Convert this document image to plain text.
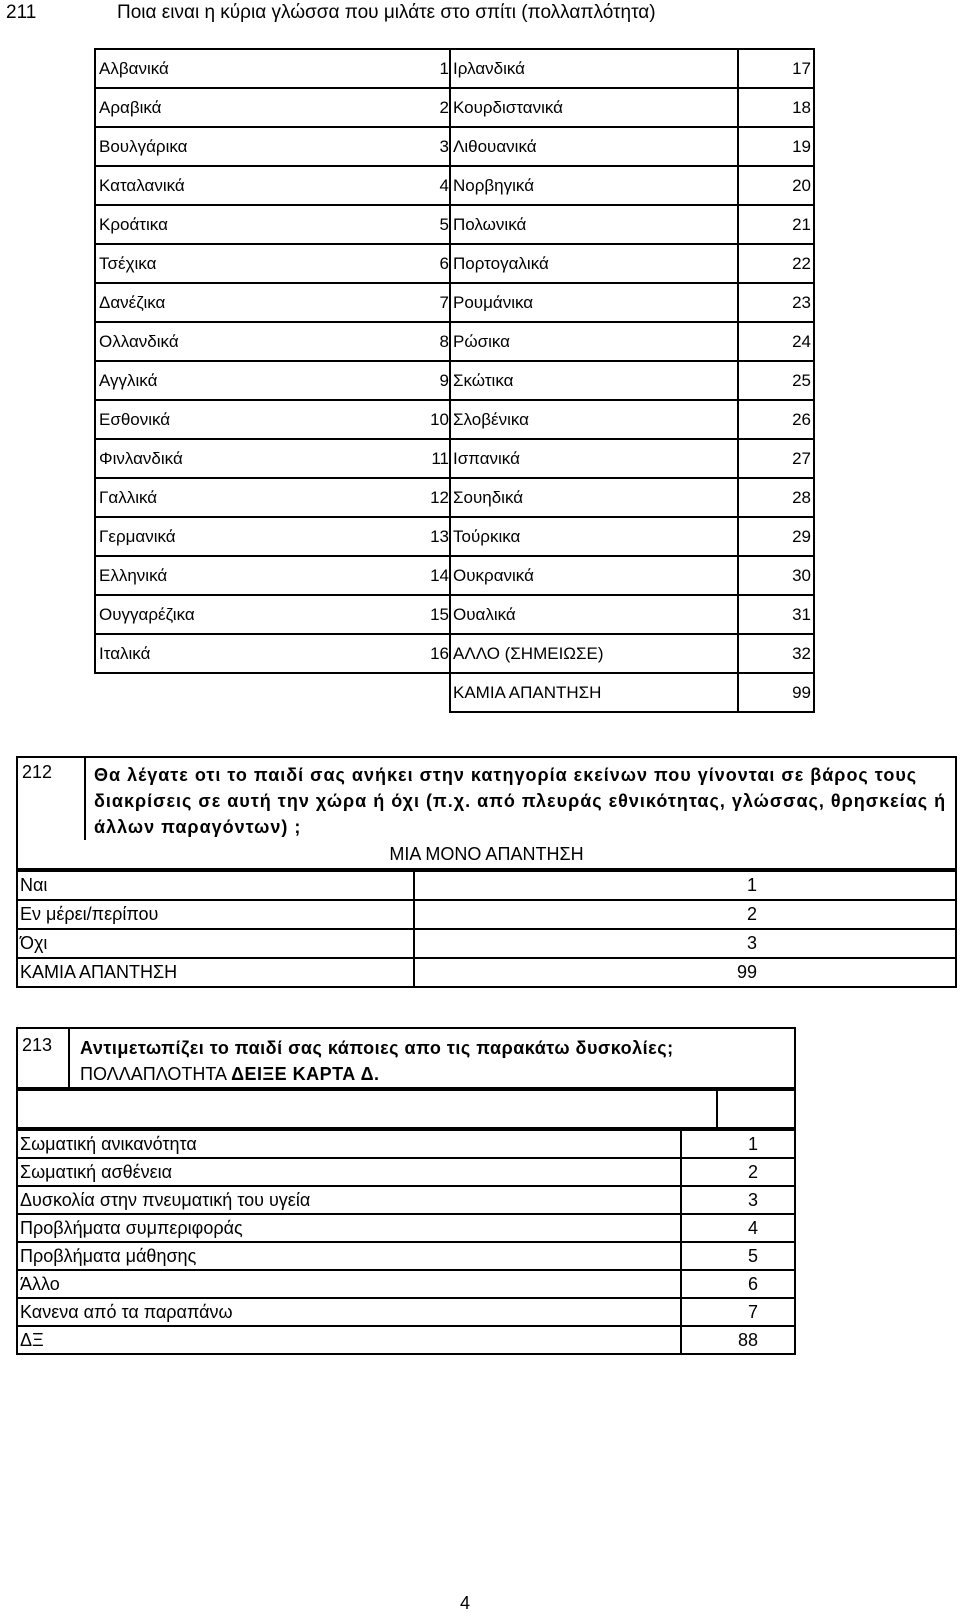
211	Ποια ειναι η κύρια γλώσσα που μιλάτε στο σπίτι (πολλαπλότητα)
Αλβανικά	1	Ιρλανδικά	17
Αραβικά	2	Κουρδιστανικά	18
Βουλγάρικα	3	Λιθουανικά	19
Καταλανικά	4	Νορβηγικά	20
Κροάτικα	5	Πολωνικά	21
Τσέχικα	6	Πορτογαλικά	22
Δανέζικα	7	Ρουμάνικα	23
Ολλανδικά	8	Ρώσικα	24
Αγγλικά	9	Σκώτικα	25
Εσθονικά	10	Σλοβένικα	26
Φινλανδικά	11	Ισπανικά	27
Γαλλικά	12	Σουηδικά	28
Γερμανικά	13	Τούρκικα	29
Ελληνικά	14	Ουκρανικά	30
Ουγγαρέζικα	15	Ουαλικά	31
Ιταλικά	16	ΑΛΛΟ (ΣΗΜΕΙΩΣΕ)	32
		ΚΑΜΙΑ ΑΠΑΝΤΗΣΗ	99
212	Θα λέγατε οτι το παιδί σας ανήκει στην κατηγορία εκείνων που γίνονται σε βάρος τους διακρίσεις σε αυτή την χώρα ή όχι (π.χ. από πλευράς εθνικότητας, γλώσσας, θρησκείας ή άλλων παραγόντων) ;
ΜΙΑ ΜΟΝΟ ΑΠΑΝΤΗΣΗ
Ναι	1
Εν μέρει/περίπου	2
Όχι	3
ΚΑΜΙΑ ΑΠΑΝΤΗΣΗ	99
213	Αντιμετωπίζει το παιδί σας κάποιες απο τις παρακάτω δυσκολίες;
ΠΟΛΛΑΠΛΟΤΗΤΑ ΔΕΙΞΕ ΚΑΡΤΑ Δ.

Σωματική ανικανότητα	1
Σωματική ασθένεια	2
Δυσκολία στην πνευματική του υγεία	3
Προβλήματα συμπεριφοράς	4
Προβλήματα μάθησης	5
Άλλο	6
Κανενα από τα παραπάνω	7
ΔΞ	88
4
